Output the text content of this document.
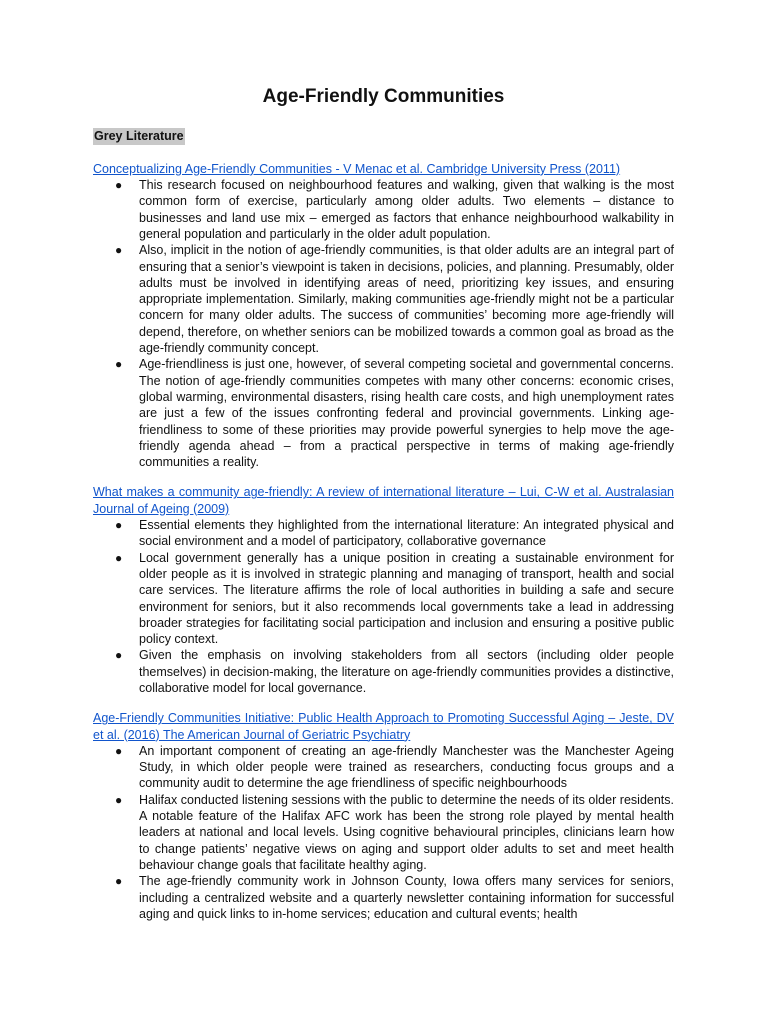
Age-Friendly Communities
Grey Literature
Conceptualizing Age-Friendly Communities - V Menac et al. Cambridge University Press (2011)
● This research focused on neighbourhood features and walking, given that walking is the most common form of exercise, particularly among older adults. Two elements – distance to businesses and land use mix – emerged as factors that enhance neighbourhood walkability in general population and particularly in the older adult population.
● Also, implicit in the notion of age-friendly communities, is that older adults are an integral part of ensuring that a senior’s viewpoint is taken in decisions, policies, and planning. Presumably, older adults must be involved in identifying areas of need, prioritizing key issues, and ensuring appropriate implementation. Similarly, making communities age-friendly might not be a particular concern for many older adults. The success of communities’ becoming more age-friendly will depend, therefore, on whether seniors can be mobilized towards a common goal as broad as the age-friendly community concept.
● Age-friendliness is just one, however, of several competing societal and governmental concerns. The notion of age-friendly communities competes with many other concerns: economic crises, global warming, environmental disasters, rising health care costs, and high unemployment rates are just a few of the issues confronting federal and provincial governments. Linking age-friendliness to some of these priorities may provide powerful synergies to help move the age-friendly agenda ahead – from a practical perspective in terms of making age-friendly communities a reality.
What makes a community age-friendly: A review of international literature – Lui, C-W et al. Australasian Journal of Ageing (2009)
● Essential elements they highlighted from the international literature: An integrated physical and social environment and a model of participatory, collaborative governance
● Local government generally has a unique position in creating a sustainable environment for older people as it is involved in strategic planning and managing of transport, health and social care services. The literature affirms the role of local authorities in building a safe and secure environment for seniors, but it also recommends local governments take a lead in addressing broader strategies for facilitating social participation and inclusion and ensuring a positive public policy context.
● Given the emphasis on involving stakeholders from all sectors (including older people themselves) in decision-making, the literature on age-friendly communities provides a distinctive, collaborative model for local governance.
Age-Friendly Communities Initiative: Public Health Approach to Promoting Successful Aging – Jeste, DV et al. (2016) The American Journal of Geriatric Psychiatry
● An important component of creating an age-friendly Manchester was the Manchester Ageing Study, in which older people were trained as researchers, conducting focus groups and a community audit to determine the age friendliness of specific neighbourhoods
● Halifax conducted listening sessions with the public to determine the needs of its older residents. A notable feature of the Halifax AFC work has been the strong role played by mental health leaders at national and local levels. Using cognitive behavioural principles, clinicians learn how to change patients’ negative views on aging and support older adults to set and meet health behaviour change goals that facilitate healthy aging.
● The age-friendly community work in Johnson County, Iowa offers many services for seniors, including a centralized website and a quarterly newsletter containing information for successful aging and quick links to in-home services; education and cultural events; health
